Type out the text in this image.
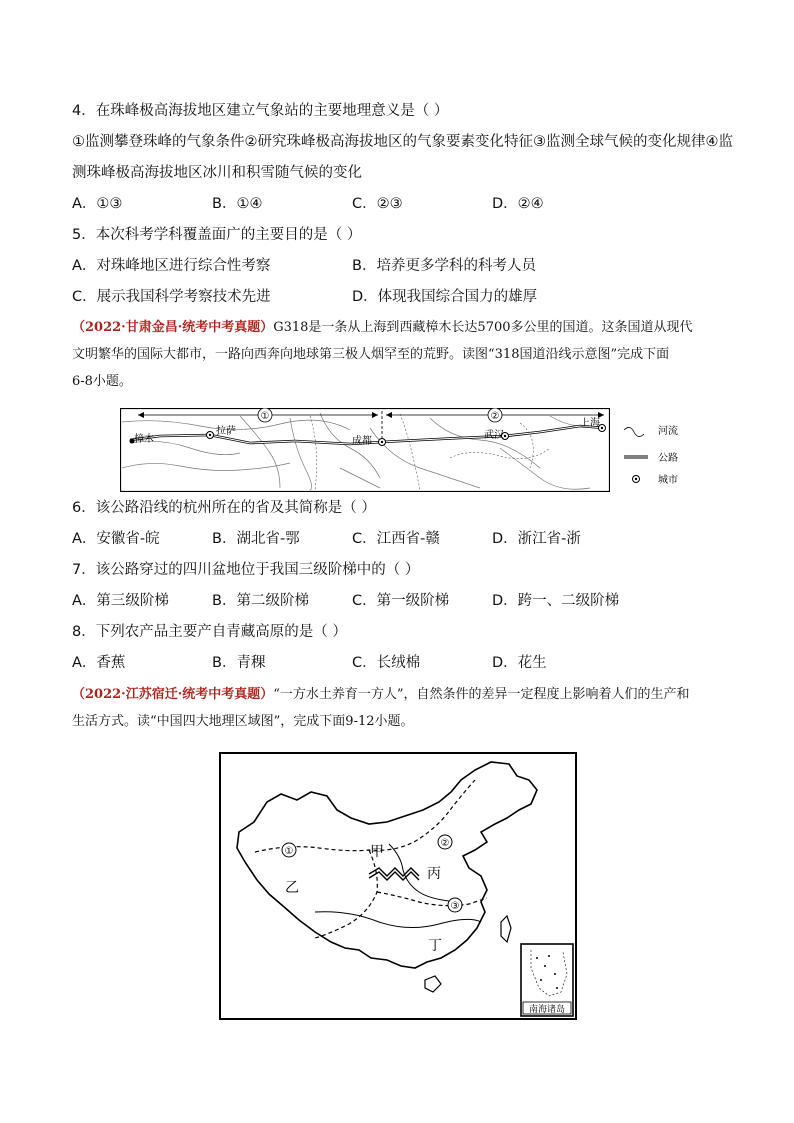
4．在珠峰极高海拔地区建立气象站的主要地理意义是（ ）
①监测攀登珠峰的气象条件②研究珠峰极高海拔地区的气象要素变化特征③监测全球气候的变化规律④监
测珠峰极高海拔地区冰川和积雪随气候的变化
A．①③	B．①④	C．②③	D．②④
5．本次科考学科覆盖面广的主要目的是（ ）
A．对珠峰地区进行综合性考察	B．培养更多学科的科考人员
C．展示我国科学考察技术先进	D．体现我国综合国力的雄厚
（2022·甘肃金昌·统考中考真题）G318是一条从上海到西藏樟木长达5700多公里的国道。这条国道从现代
文明繁华的国际大都市，一路向西奔向地球第三极人烟罕至的荒野。读图“318国道沿线示意图”完成下面
6-8小题。
①	②
樟木
拉萨
成都
武汉
上海
河流
公路
城市
6．该公路沿线的杭州所在的省及其简称是（ ）
A．安徽省-皖	B．湖北省-鄂	C．江西省-赣	D．浙江省-浙
7．该公路穿过的四川盆地位于我国三级阶梯中的（ ）
A．第三级阶梯	B．第二级阶梯	C．第一级阶梯	D．跨一、二级阶梯
8．下列农产品主要产自青藏高原的是（ ）
A．香蕉	B．青稞	C．长绒棉	D．花生
（2022·江苏宿迁·统考中考真题）“一方水土养育一方人”，自然条件的差异一定程度上影响着人们的生产和
生活方式。读“中国四大地理区域图”，完成下面9-12小题。
①
②
③
甲
乙
丙
丁
南海诸岛
